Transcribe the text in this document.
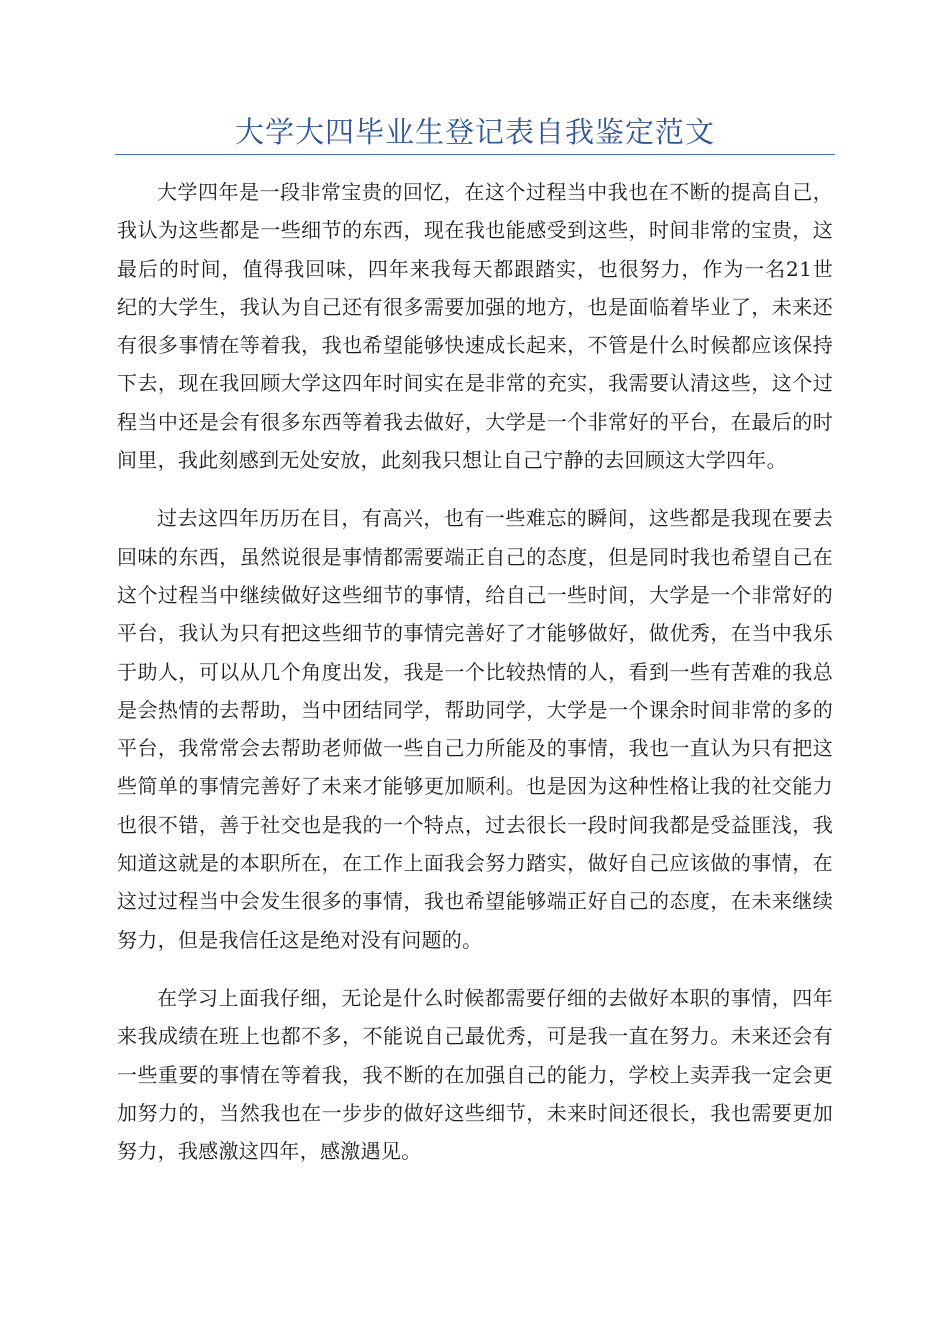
大学大四毕业生登记表自我鉴定范文

大学四年是一段非常宝贵的回忆，在这个过程当中我也在不断的提高自己，我认为这些都是一些细节的东西，现在我也能感受到这些，时间非常的宝贵，这最后的时间，值得我回味，四年来我每天都跟踏实，也很努力，作为一名21世纪的大学生，我认为自己还有很多需要加强的地方，也是面临着毕业了，未来还有很多事情在等着我，我也希望能够快速成长起来，不管是什么时候都应该保持下去，现在我回顾大学这四年时间实在是非常的充实，我需要认清这些，这个过程当中还是会有很多东西等着我去做好，大学是一个非常好的平台，在最后的时间里，我此刻感到无处安放，此刻我只想让自己宁静的去回顾这大学四年。

过去这四年历历在目，有高兴，也有一些难忘的瞬间，这些都是我现在要去回味的东西，虽然说很是事情都需要端正自己的态度，但是同时我也希望自己在这个过程当中继续做好这些细节的事情，给自己一些时间，大学是一个非常好的平台，我认为只有把这些细节的事情完善好了才能够做好，做优秀，在当中我乐于助人，可以从几个角度出发，我是一个比较热情的人，看到一些有苦难的我总是会热情的去帮助，当中团结同学，帮助同学，大学是一个课余时间非常的多的平台，我常常会去帮助老师做一些自己力所能及的事情，我也一直认为只有把这些简单的事情完善好了未来才能够更加顺利。也是因为这种性格让我的社交能力也很不错，善于社交也是我的一个特点，过去很长一段时间我都是受益匪浅，我知道这就是的本职所在，在工作上面我会努力踏实，做好自己应该做的事情，在这过过程当中会发生很多的事情，我也希望能够端正好自己的态度，在未来继续努力，但是我信任这是绝对没有问题的。

在学习上面我仔细，无论是什么时候都需要仔细的去做好本职的事情，四年来我成绩在班上也都不多，不能说自己最优秀，可是我一直在努力。未来还会有一些重要的事情在等着我，我不断的在加强自己的能力，学校上卖弄我一定会更加努力的，当然我也在一步步的做好这些细节，未来时间还很长，我也需要更加努力，我感激这四年，感激遇见。
